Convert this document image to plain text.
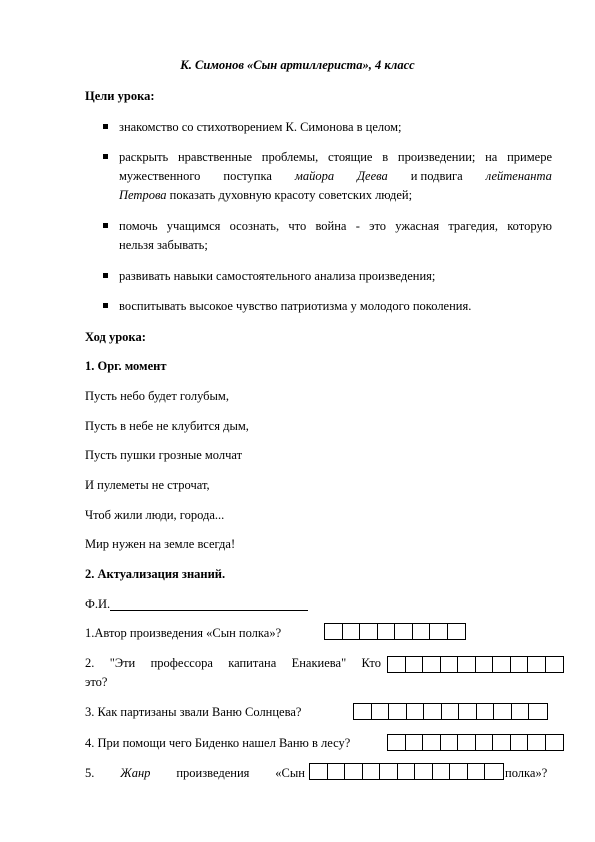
К. Симонов «Сын артиллериста», 4 класс
Цели урока:
знакомство со стихотворением К. Симонова в целом;
раскрыть нравственные проблемы, стоящие в произведении; на примере
мужественного поступка майора Деева и подвига лейтенанта
Петрова показать духовную красоту советских людей;
помочь учащимся осознать, что война - это ужасная трагедия, которую
нельзя забывать;
развивать навыки самостоятельного анализа произведения;
воспитывать высокое чувство патриотизма у молодого поколения.
Ход урока:
1. Орг. момент
Пусть небо будет голубым,
Пусть в небе не клубится дым,
Пусть пушки грозные молчат
И пулеметы не строчат,
Чтоб жили люди, города...
Мир нужен на земле всегда!
2. Актуализация знаний.
Ф.И.
1.Автор произведения «Сын полка»?
2. "Эти профессора капитана Енакиева" Кто
это?
3. Как партизаны звали Ваню Солнцева?
4. При помощи чего Биденко нашел Ваню в лесу?
5. Жанр произведения «Сын	полка»?
